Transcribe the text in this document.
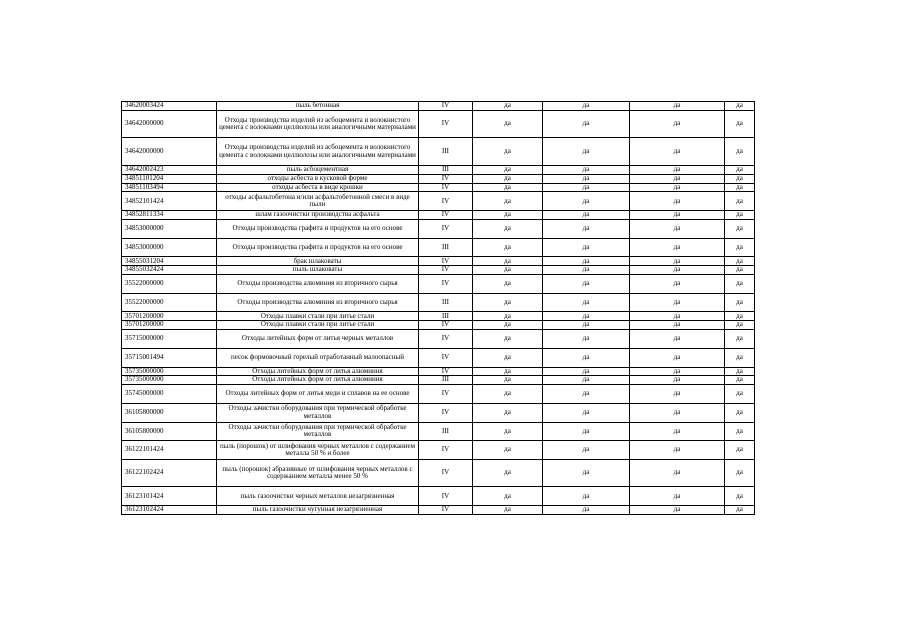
34620003424	пыль бетонная	IV	да	да	да	да
34642000000	Отходы производства изделий из асбоцемента и волокнистого цемента с волокнами целлюлозы или аналогичными материалами	IV	да	да	да	да
34642000000	Отходы производства изделий из асбоцемента и волокнистого цемента с волокнами целлюлозы или аналогичными материалами	III	да	да	да	да
34642002423	пыль асбоцементная	III	да	да	да	да
34851101204	отходы асбеста в кусковой форме	IV	да	да	да	да
34851103494	отходы асбеста в виде крошки	IV	да	да	да	да
34852101424	отходы асфальтобетона и/или асфальтобетонной смеси в виде пыли	IV	да	да	да	да
34852811334	шлам газоочистки производства асфальта	IV	да	да	да	да
34853000000	Отходы производства графита и продуктов на его основе	IV	да	да	да	да
34853000000	Отходы производства графита и продуктов на его основе	III	да	да	да	да
34855031204	брак шлаковаты	IV	да	да	да	да
34855032424	пыль шлаковаты	IV	да	да	да	да
35522000000	Отходы производства алюминия из вторичного сырья	IV	да	да	да	да
35522000000	Отходы производства алюминия из вторичного сырья	III	да	да	да	да
35701200000	Отходы плавки стали при литье стали	III	да	да	да	да
35701200000	Отходы плавки стали при литье стали	IV	да	да	да	да
35715000000	Отходы литейных форм от литья черных металлов	IV	да	да	да	да
35715001494	песок формовочный горелый отработанный малоопасный	IV	да	да	да	да
35735000000	Отходы литейных форм от литья алюминия	IV	да	да	да	да
35735000000	Отходы литейных форм от литья алюминия	III	да	да	да	да
35745000000	Отходы литейных форм от литья меди и сплавов на ее основе	IV	да	да	да	да
36105800000	Отходы зачистки оборудования при термической обработке металлов	IV	да	да	да	да
36105800000	Отходы зачистки оборудования при термической обработке металлов	III	да	да	да	да
36122101424	пыль (порошок) от шлифования черных металлов с содержанием металла 50 % и более	IV	да	да	да	да
36122102424	пыль (порошок) абразивные от шлифования черных металлов с содержанием металла менее 50 %	IV	да	да	да	да
36123101424	пыль газоочистки черных металлов незагрязненная	IV	да	да	да	да
36123102424	пыль газоочистки чугунная незагрязненная	IV	да	да	да	да
